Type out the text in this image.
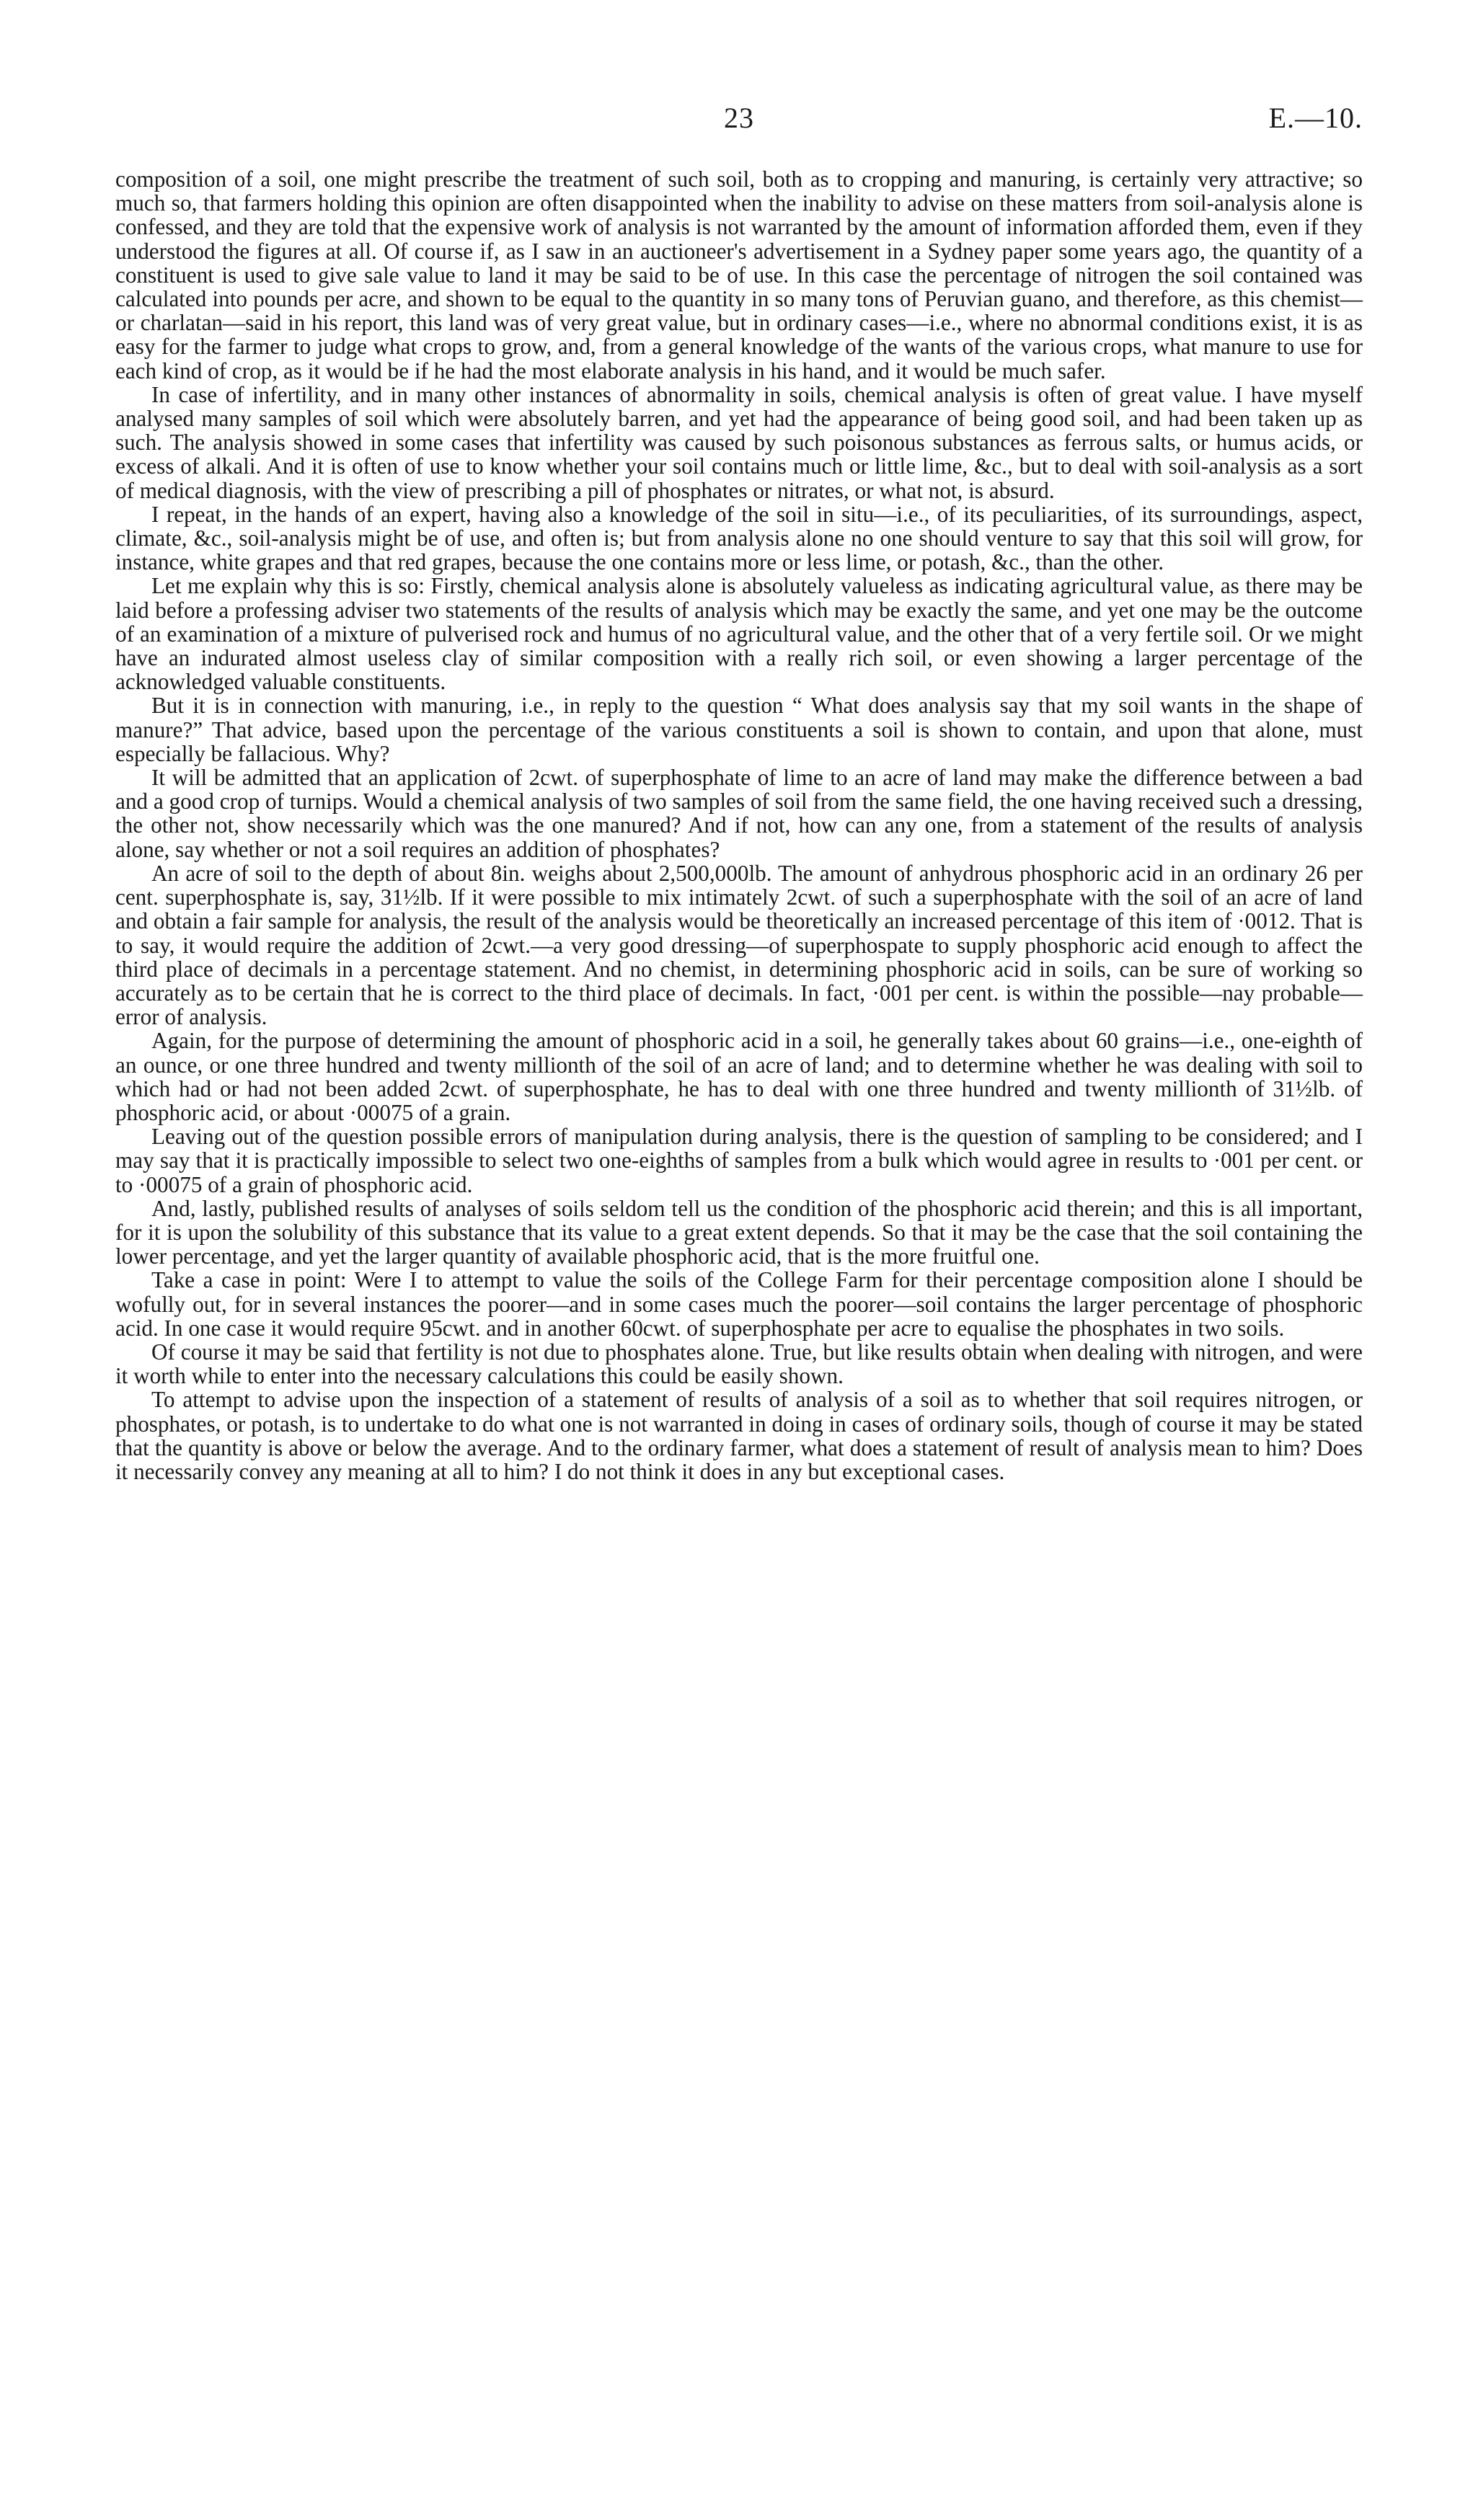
23	E.—10.

composition of a soil, one might prescribe the treatment of such soil, both as to cropping and manuring, is certainly very attractive; so much so, that farmers holding this opinion are often disappointed when the inability to advise on these matters from soil-analysis alone is confessed, and they are told that the expensive work of analysis is not warranted by the amount of information afforded them, even if they understood the figures at all. Of course if, as I saw in an auctioneer's advertisement in a Sydney paper some years ago, the quantity of a constituent is used to give sale value to land it may be said to be of use. In this case the percentage of nitrogen the soil contained was calculated into pounds per acre, and shown to be equal to the quantity in so many tons of Peruvian guano, and therefore, as this chemist—or charlatan—said in his report, this land was of very great value, but in ordinary cases—i.e., where no abnormal conditions exist, it is as easy for the farmer to judge what crops to grow, and, from a general knowledge of the wants of the various crops, what manure to use for each kind of crop, as it would be if he had the most elaborate analysis in his hand, and it would be much safer.

In case of infertility, and in many other instances of abnormality in soils, chemical analysis is often of great value. I have myself analysed many samples of soil which were absolutely barren, and yet had the appearance of being good soil, and had been taken up as such. The analysis showed in some cases that infertility was caused by such poisonous substances as ferrous salts, or humus acids, or excess of alkali. And it is often of use to know whether your soil contains much or little lime, &c., but to deal with soil-analysis as a sort of medical diagnosis, with the view of prescribing a pill of phosphates or nitrates, or what not, is absurd.

I repeat, in the hands of an expert, having also a knowledge of the soil in situ—i.e., of its peculiarities, of its surroundings, aspect, climate, &c., soil-analysis might be of use, and often is; but from analysis alone no one should venture to say that this soil will grow, for instance, white grapes and that red grapes, because the one contains more or less lime, or potash, &c., than the other.

Let me explain why this is so: Firstly, chemical analysis alone is absolutely valueless as indicating agricultural value, as there may be laid before a professing adviser two statements of the results of analysis which may be exactly the same, and yet one may be the outcome of an examination of a mixture of pulverised rock and humus of no agricultural value, and the other that of a very fertile soil. Or we might have an indurated almost useless clay of similar composition with a really rich soil, or even showing a larger percentage of the acknowledged valuable constituents.

But it is in connection with manuring, i.e., in reply to the question “ What does analysis say that my soil wants in the shape of manure?” That advice, based upon the percentage of the various constituents a soil is shown to contain, and upon that alone, must especially be fallacious. Why?

It will be admitted that an application of 2cwt. of superphosphate of lime to an acre of land may make the difference between a bad and a good crop of turnips. Would a chemical analysis of two samples of soil from the same field, the one having received such a dressing, the other not, show necessarily which was the one manured? And if not, how can any one, from a statement of the results of analysis alone, say whether or not a soil requires an addition of phosphates?

An acre of soil to the depth of about 8in. weighs about 2,500,000lb. The amount of anhydrous phosphoric acid in an ordinary 26 per cent. superphosphate is, say, 31½lb. If it were possible to mix intimately 2cwt. of such a superphosphate with the soil of an acre of land and obtain a fair sample for analysis, the result of the analysis would be theoretically an increased percentage of this item of ·0012. That is to say, it would require the addition of 2cwt.—a very good dressing—of superphospate to supply phosphoric acid enough to affect the third place of decimals in a percentage statement. And no chemist, in determining phosphoric acid in soils, can be sure of working so accurately as to be certain that he is correct to the third place of decimals. In fact, ·001 per cent. is within the possible—nay probable—error of analysis.

Again, for the purpose of determining the amount of phosphoric acid in a soil, he generally takes about 60 grains—i.e., one-eighth of an ounce, or one three hundred and twenty millionth of the soil of an acre of land; and to determine whether he was dealing with soil to which had or had not been added 2cwt. of superphosphate, he has to deal with one three hundred and twenty millionth of 31½lb. of phosphoric acid, or about ·00075 of a grain.

Leaving out of the question possible errors of manipulation during analysis, there is the question of sampling to be considered; and I may say that it is practically impossible to select two one-eighths of samples from a bulk which would agree in results to ·001 per cent. or to ·00075 of a grain of phosphoric acid.

And, lastly, published results of analyses of soils seldom tell us the condition of the phosphoric acid therein; and this is all important, for it is upon the solubility of this substance that its value to a great extent depends. So that it may be the case that the soil containing the lower percentage, and yet the larger quantity of available phosphoric acid, that is the more fruitful one.

Take a case in point: Were I to attempt to value the soils of the College Farm for their percentage composition alone I should be wofully out, for in several instances the poorer—and in some cases much the poorer—soil contains the larger percentage of phosphoric acid. In one case it would require 95cwt. and in another 60cwt. of superphosphate per acre to equalise the phosphates in two soils.

Of course it may be said that fertility is not due to phosphates alone. True, but like results obtain when dealing with nitrogen, and were it worth while to enter into the necessary calculations this could be easily shown.

To attempt to advise upon the inspection of a statement of results of analysis of a soil as to whether that soil requires nitrogen, or phosphates, or potash, is to undertake to do what one is not warranted in doing in cases of ordinary soils, though of course it may be stated that the quantity is above or below the average. And to the ordinary farmer, what does a statement of result of analysis mean to him? Does it necessarily convey any meaning at all to him? I do not think it does in any but exceptional cases.
